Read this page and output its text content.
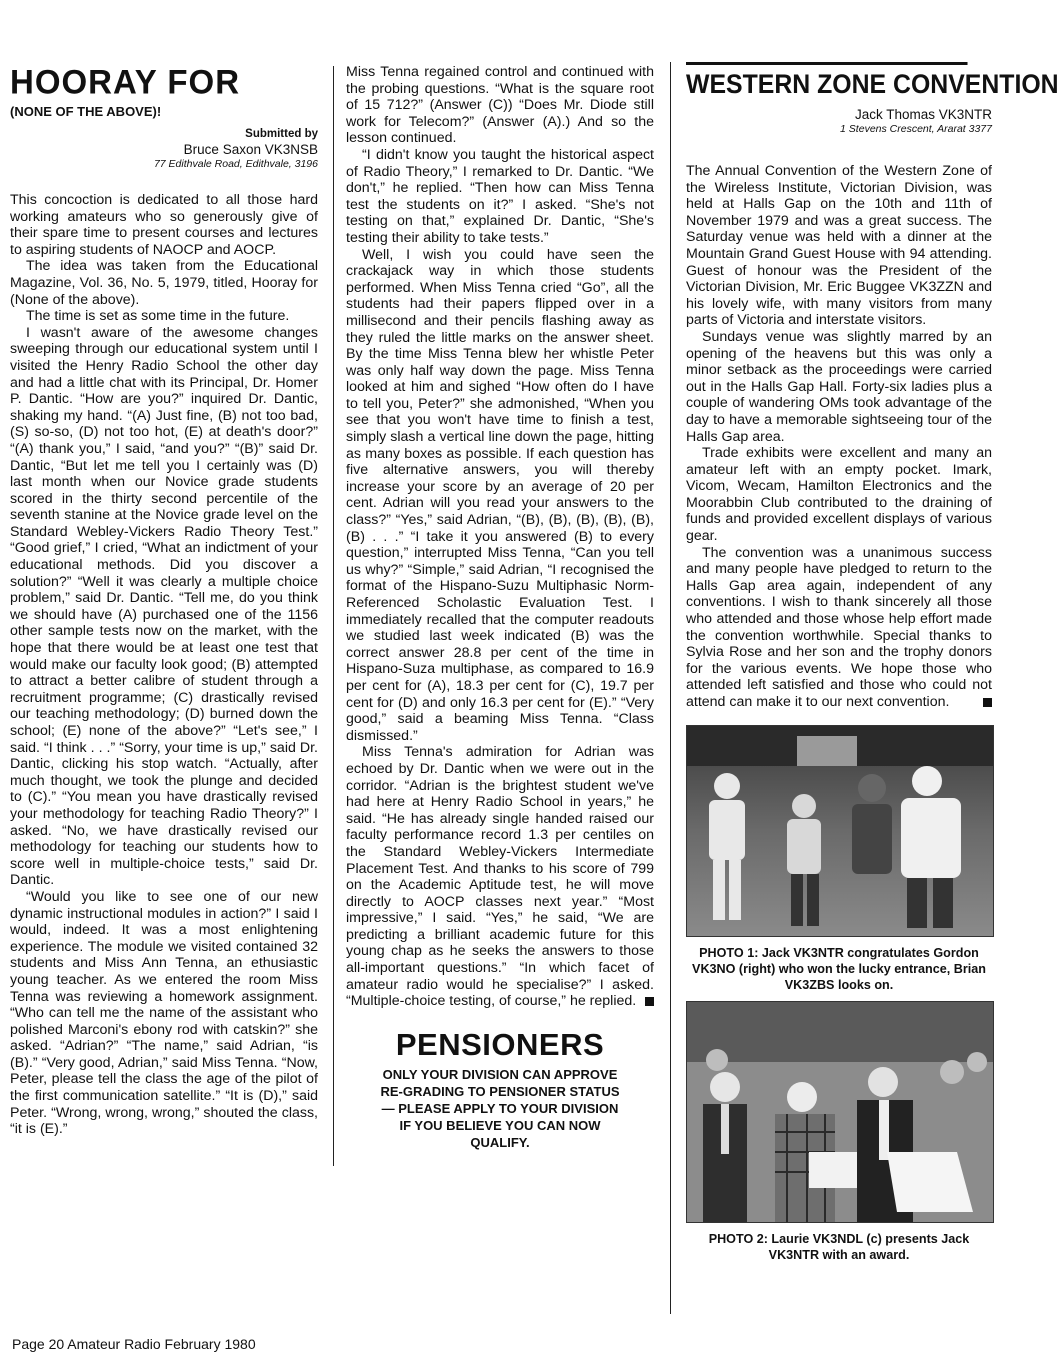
HOORAY FOR
(NONE OF THE ABOVE)!
Submitted by
Bruce Saxon VK3NSB
77 Edithvale Road, Edithvale, 3196

This concoction is dedicated to all those hard working amateurs who so generously give of their spare time to present courses and lectures to aspiring students of NAOCP and AOCP.

The idea was taken from the Educational Magazine, Vol. 36, No. 5, 1979, titled, Hooray for (None of the above).

The time is set as some time in the future.

I wasn't aware of the awesome changes sweeping through our educational system until I visited the Henry Radio School the other day and had a little chat with its Principal, Dr. Homer P. Dantic. “How are you?” inquired Dr. Dantic, shaking my hand. “(A) Just fine, (B) not too bad, (S) so-so, (D) not too hot, (E) at death's door?” “(A) thank you,” I said, “and you?” “(B)” said Dr. Dantic, “But let me tell you I certainly was (D) last month when our Novice grade students scored in the thirty second percentile of the seventh stanine at the Novice grade level on the Standard Webley-Vickers Radio Theory Test.” “Good grief,” I cried, “What an indictment of your educational methods. Did you discover a solution?” “Well it was clearly a multiple choice problem,” said Dr. Dantic. “Tell me, do you think we should have (A) purchased one of the 1156 other sample tests now on the market, with the hope that there would be at least one test that would make our faculty look good; (B) attempted to attract a better calibre of student through a recruitment programme; (C) drastically revised our teaching methodology; (D) burned down the school; (E) none of the above?” “Let's see,” I said. “I think . . .” “Sorry, your time is up,” said Dr. Dantic, clicking his stop watch. “Actually, after much thought, we took the plunge and decided to (C).” “You mean you have drastically revised your methodology for teaching Radio Theory?” I asked. “No, we have drastically revised our methodology for teaching our students how to score well in multiple-choice tests,” said Dr. Dantic.

“Would you like to see one of our new dynamic instructional modules in action?” I said I would, indeed. It was a most enlightening experience. The module we visited contained 32 students and Miss Ann Tenna, an ethusiastic young teacher. As we entered the room Miss Tenna was reviewing a homework assignment. “Who can tell me the name of the assistant who polished Marconi's ebony rod with catskin?” she asked. “Adrian?” “The name,” said Adrian, “is (B).” “Very good, Adrian,” said Miss Tenna. “Now, Peter, please tell the class the age of the pilot of the first communication satellite.” “It is (D),” said Peter. “Wrong, wrong, wrong,” shouted the class, “it is (E).”

Miss Tenna regained control and continued with the probing questions. “What is the square root of 15 712?” (Answer (C)) “Does Mr. Diode still work for Telecom?” (Answer (A).) And so the lesson continued.

“I didn't know you taught the historical aspect of Radio Theory,” I remarked to Dr. Dantic. “We don't,” he replied. “Then how can Miss Tenna test the students on it?” I asked. “She's not testing on that,” explained Dr. Dantic, “She's testing their ability to take tests.”

Well, I wish you could have seen the crackajack way in which those students performed. When Miss Tenna cried “Go”, all the students had their papers flipped over in a millisecond and their pencils flashing away as they ruled the little marks on the answer sheet. By the time Miss Tenna blew her whistle Peter was only half way down the page. Miss Tenna looked at him and sighed “How often do I have to tell you, Peter?” she admonished, “When you see that you won't have time to finish a test, simply slash a vertical line down the page, hitting as many boxes as possible. If each question has five alternative answers, you will thereby increase your score by an average of 20 per cent. Adrian will you read your answers to the class?” “Yes,” said Adrian, “(B), (B), (B), (B), (B), (B) . . .” “I take it you answered (B) to every question,” interrupted Miss Tenna, “Can you tell us why?” “Simple,” said Adrian, “I recognised the format of the Hispano-Suzu Multiphasic Norm-Referenced Scholastic Evaluation Test. I immediately recalled that the computer readouts we studied last week indicated (B) was the correct answer 28.8 per cent of the time in Hispano-Suza multiphase, as compared to 16.9 per cent for (A), 18.3 per cent for (C), 19.7 per cent for (D) and only 16.3 per cent for (E).” “Very good,” said a beaming Miss Tenna. “Class dismissed.”

Miss Tenna's admiration for Adrian was echoed by Dr. Dantic when we were out in the corridor. “Adrian is the brightest student we've had here at Henry Radio School in years,” he said. “He has already single handed raised our faculty performance record 1.3 per centiles on the Standard Webley-Vickers Intermediate Placement Test. And thanks to his score of 799 on the Academic Aptitude test, he will move directly to AOCP classes next year.” “Most impressive,” I said. “Yes,” he said, “We are predicting a brilliant academic future for this young chap as he seeks the answers to those all-important questions.” “In which facet of amateur radio would he specialise?” I asked. “Multiple-choice testing, of course,” he replied.

PENSIONERS
ONLY YOUR DIVISION CAN APPROVE RE-GRADING TO PENSIONER STATUS — PLEASE APPLY TO YOUR DIVISION IF YOU BELIEVE YOU CAN NOW QUALIFY.
WESTERN ZONE CONVENTION
Jack Thomas VK3NTR
1 Stevens Crescent, Ararat 3377

The Annual Convention of the Western Zone of the Wireless Institute, Victorian Division, was held at Halls Gap on the 10th and 11th of November 1979 and was a great success. The Saturday venue was held with a dinner at the Mountain Grand Guest House with 94 attending. Guest of honour was the President of the Victorian Division, Mr. Eric Buggee VK3ZZN and his lovely wife, with many visitors from many parts of Victoria and interstate visitors.

Sundays venue was slightly marred by an opening of the heavens but this was only a minor setback as the proceedings were carried out in the Halls Gap Hall. Forty-six ladies plus a couple of wandering OMs took advantage of the day to have a memorable sightseeing tour of the Halls Gap area.

Trade exhibits were excellent and many an amateur left with an empty pocket. Imark, Vicom, Wecam, Hamilton Electronics and the Moorabbin Club contributed to the draining of funds and provided excellent displays of various gear.

The convention was a unanimous success and many people have pledged to return to the Halls Gap area again, independent of any conventions. I wish to thank sincerely all those who attended and those whose help effort made the convention worthwhile. Special thanks to Sylvia Rose and her son and the trophy donors for the various events. We hope those who attended left satisfied and those who could not attend can make it to our next convention.

PHOTO 1: Jack VK3NTR congratulates Gordon VK3NO (right) who won the lucky entrance, Brian VK3ZBS looks on.
PHOTO 2: Laurie VK3NDL (c) presents Jack VK3NTR with an award.
Page 20 Amateur Radio February 1980
